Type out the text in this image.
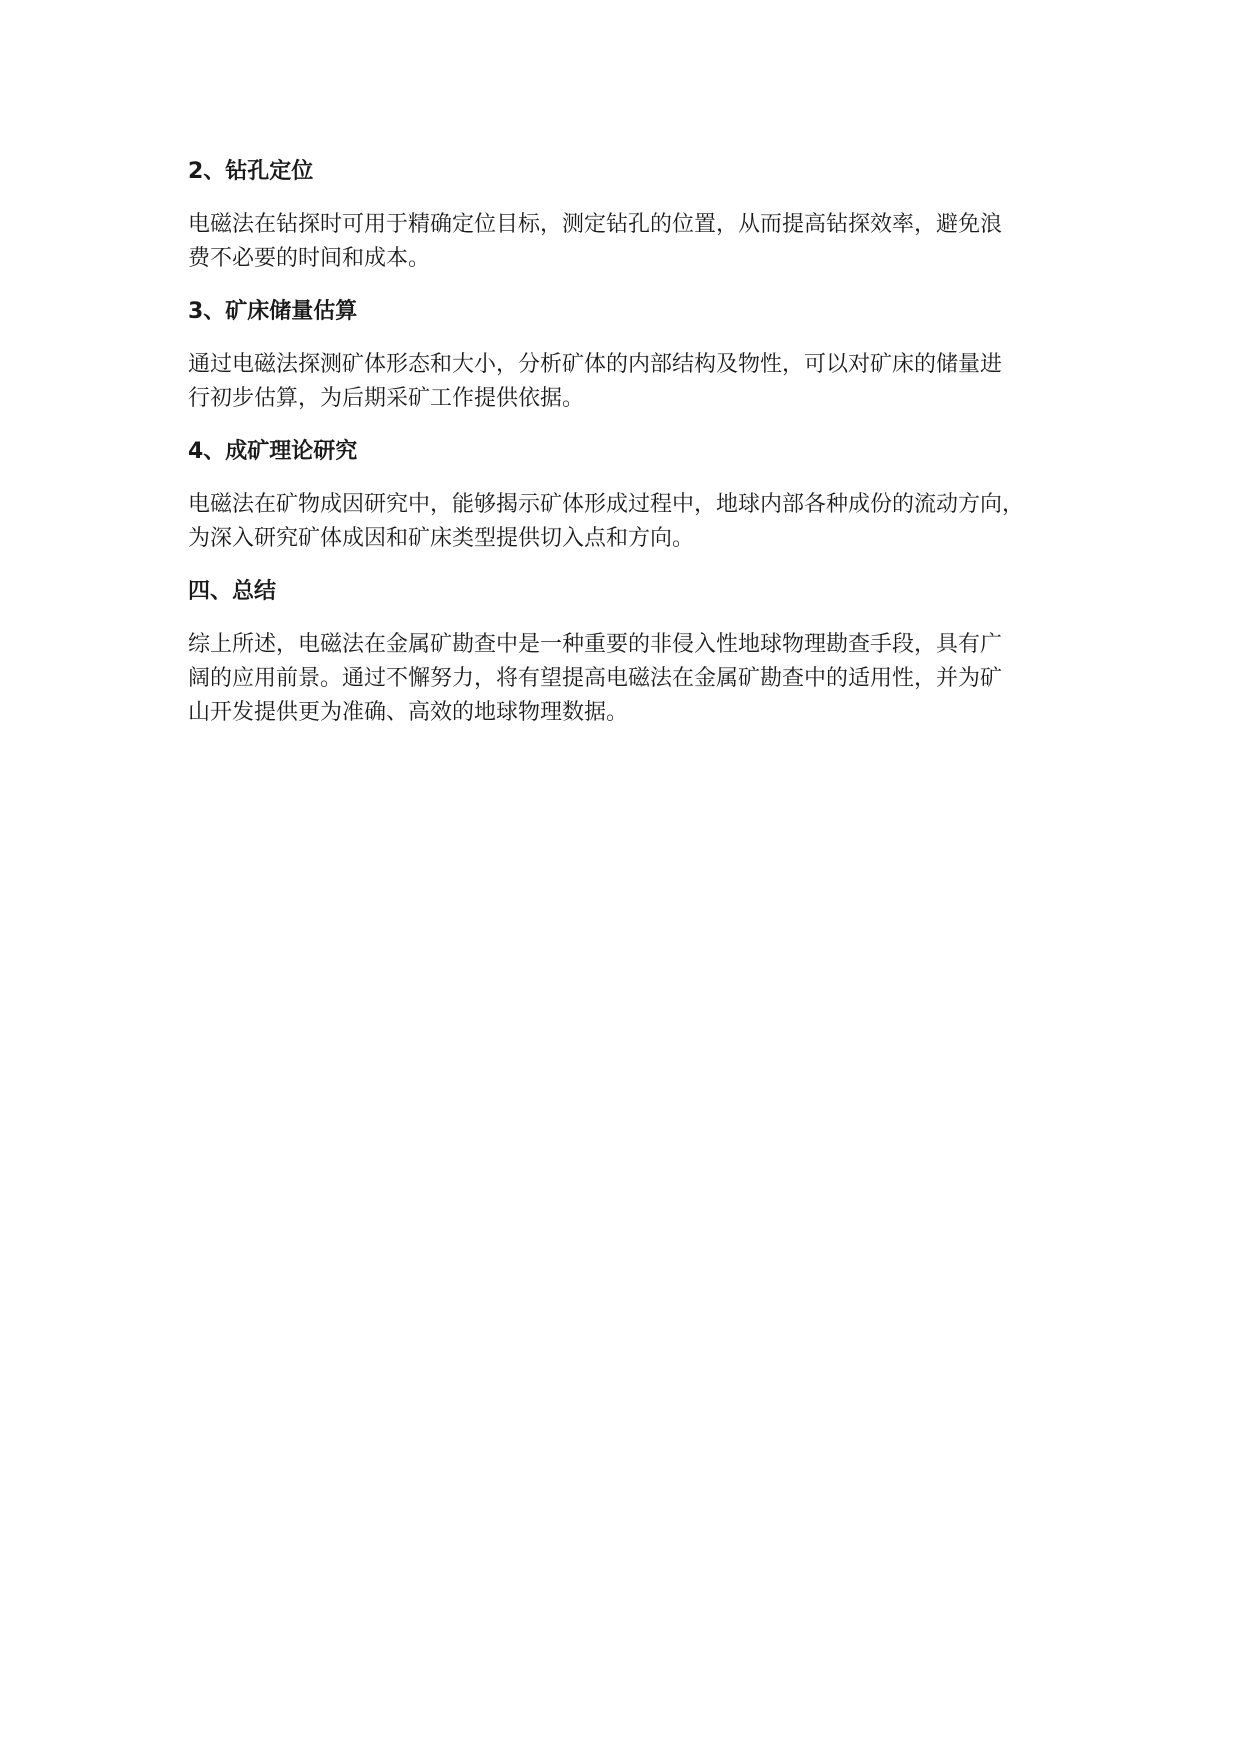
2、钻孔定位

电磁法在钻探时可用于精确定位目标，测定钻孔的位置，从而提高钻探效率，避免浪

费不必要的时间和成本。

3、矿床储量估算

通过电磁法探测矿体形态和大小，分析矿体的内部结构及物性，可以对矿床的储量进

行初步估算，为后期采矿工作提供依据。

4、成矿理论研究

电磁法在矿物成因研究中，能够揭示矿体形成过程中，地球内部各种成份的流动方向，

为深入研究矿体成因和矿床类型提供切入点和方向。

四、总结

综上所述，电磁法在金属矿勘查中是一种重要的非侵入性地球物理勘查手段，具有广

阔的应用前景。通过不懈努力，将有望提高电磁法在金属矿勘查中的适用性，并为矿

山开发提供更为准确、高效的地球物理数据。
